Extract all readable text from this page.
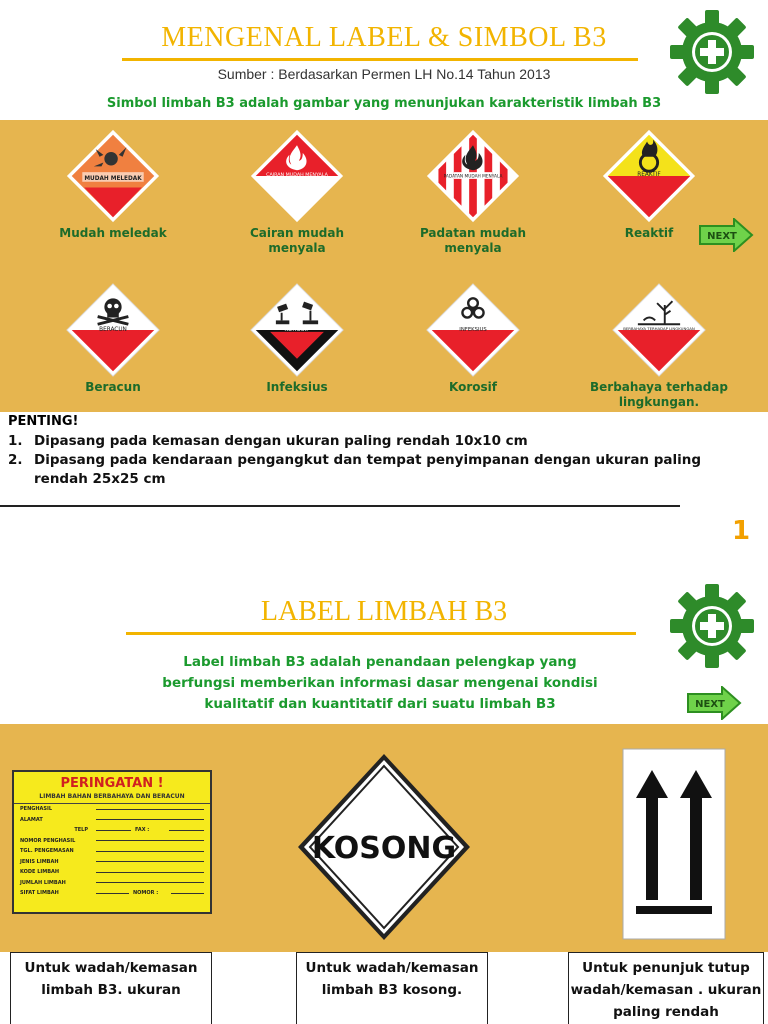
MENGENAL LABEL & SIMBOL B3
Sumber : Berdasarkan Permen LH No.14 Tahun 2013
Simbol limbah B3 adalah gambar yang menunjukan karakteristik limbah B3
MUDAH MELEDAK
Mudah meledak
CAIRAN MUDAH MENYALA
Cairan mudah menyala
PADATAN MUDAH MENYALA
Padatan mudah menyala
REAKTIF
Reaktif	NEXT
BERACUN
Beracun
KOROSIF
Infeksius
INFEKSIUS
Korosif
BERBAHAYA TERHADAP LINGKUNGAN
Berbahaya terhadap lingkungan.
PENTING!
1. Dipasang pada kemasan dengan ukuran paling rendah 10x10 cm
2. Dipasang pada kendaraan pengangkut dan tempat penyimpanan dengan ukuran paling rendah 25x25 cm
1
LABEL LIMBAH B3
Label limbah B3 adalah penandaan pelengkap yang
berfungsi memberikan informasi dasar mengenai kondisi
kualitatif dan kuantitatif dari suatu limbah B3	NEXT
PERINGATAN !
LIMBAH BAHAN BERBAHAYA DAN BERACUN
PENGHASIL
ALAMAT
TELP	FAX :
NOMOR PENGHASIL
TGL. PENGEMASAN
JENIS LIMBAH
KODE LIMBAH
JUMLAH LIMBAH
SIFAT LIMBAH	NOMOR :
KOSONG
Untuk wadah/kemasan limbah B3. ukuran
Untuk wadah/kemasan limbah B3 kosong.
Untuk penunjuk tutup wadah/kemasan . ukuran paling rendah
